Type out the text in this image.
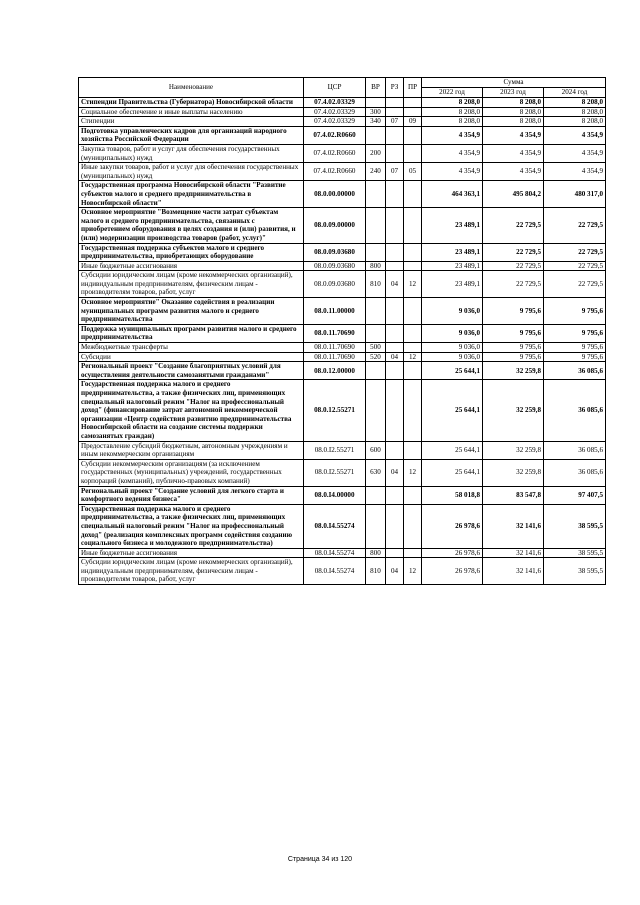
Наименование	ЦСР	ВР	РЗ	ПР	Сумма		
					2022 год	2023 год	2024 год
Стипендии Правительства (Губернатора) Новосибирской области	07.4.02.03329				8 208,0	8 208,0	8 208,0
Социальное обеспечение и иные выплаты населению	07.4.02.03329	300			8 208,0	8 208,0	8 208,0
Стипендии	07.4.02.03329	340	07	09	8 208,0	8 208,0	8 208,0
Подготовка управленческих кадров для организаций народного хозяйства Российской Федерации	07.4.02.R0660				4 354,9	4 354,9	4 354,9
Закупка товаров, работ и услуг для обеспечения государственных (муниципальных) нужд	07.4.02.R0660	200			4 354,9	4 354,9	4 354,9
Иные закупки товаров, работ и услуг для обеспечения государственных (муниципальных) нужд	07.4.02.R0660	240	07	05	4 354,9	4 354,9	4 354,9
Государственная программа Новосибирской области "Развитие субъектов малого и среднего предпринимательства в Новосибирской области"	08.0.00.00000				464 363,1	495 804,2	480 317,0
Основное мероприятие "Возмещение части затрат субъектам малого и среднего предпринимательства, связанных с приобретением оборудования в целях создания и (или) развития, и (или) модернизации производства товаров (работ, услуг)"	08.0.09.00000				23 489,1	22 729,5	22 729,5
Государственная поддержка субъектов малого и среднего предпринимательства, приобретающих оборудование	08.0.09.03680				23 489,1	22 729,5	22 729,5
Иные бюджетные ассигнования	08.0.09.03680	800			23 489,1	22 729,5	22 729,5
Субсидии юридическим лицам (кроме некоммерческих организаций), индивидуальным предпринимателям, физическим лицам - производителям товаров, работ, услуг	08.0.09.03680	810	04	12	23 489,1	22 729,5	22 729,5
Основное мероприятие" Оказание содействия в реализации муниципальных программ развития малого и среднего предпринимательства	08.0.11.00000				9 036,0	9 795,6	9 795,6
Поддержка муниципальных программ развития малого и среднего предпринимательства	08.0.11.70690				9 036,0	9 795,6	9 795,6
Межбюджетные трансферты	08.0.11.70690	500			9 036,0	9 795,6	9 795,6
Субсидии	08.0.11.70690	520	04	12	9 036,0	9 795,6	9 795,6
Региональный проект "Создание благоприятных условий для осуществления деятельности самозанятыми гражданами"	08.0.12.00000				25 644,1	32 259,8	36 085,6
Государственная поддержка малого и среднего предпринимательства, а также физических лиц, применяющих специальный налоговый режим "Налог на профессиональный доход" (финансирование затрат автономной некоммерческой организации «Центр содействия развитию предпринимательства Новосибирской области на создание системы поддержки самозанятых граждан)	08.0.12.55271				25 644,1	32 259,8	36 085,6
Предоставление субсидий бюджетным, автономным учреждениям и иным некоммерческим организациям	08.0.I2.55271	600			25 644,1	32 259,8	36 085,6
Субсидии некоммерческим организациям (за исключением государственных (муниципальных) учреждений, государственных корпораций (компаний), публично-правовых компаний)	08.0.I2.55271	630	04	12	25 644,1	32 259,8	36 085,6
Региональный проект "Создание условий для легкого старта и комфортного ведения бизнеса"	08.0.I4.00000				58 018,8	83 547,8	97 407,5
Государственная поддержка малого и среднего предпринимательства, а также физических лиц, применяющих специальный налоговый режим "Налог на профессиональный доход" (реализация комплексных программ содействия созданию социального бизнеса и молодежного предпринимательства)	08.0.I4.55274				26 978,6	32 141,6	38 595,5
Иные бюджетные ассигнования	08.0.I4.55274	800			26 978,6	32 141,6	38 595,5
Субсидии юридическим лицам (кроме некоммерческих организаций), индивидуальным предпринимателям, физическим лицам - производителям товаров, работ, услуг	08.0.I4.55274	810	04	12	26 978,6	32 141,6	38 595,5
Страница 34 из 120
